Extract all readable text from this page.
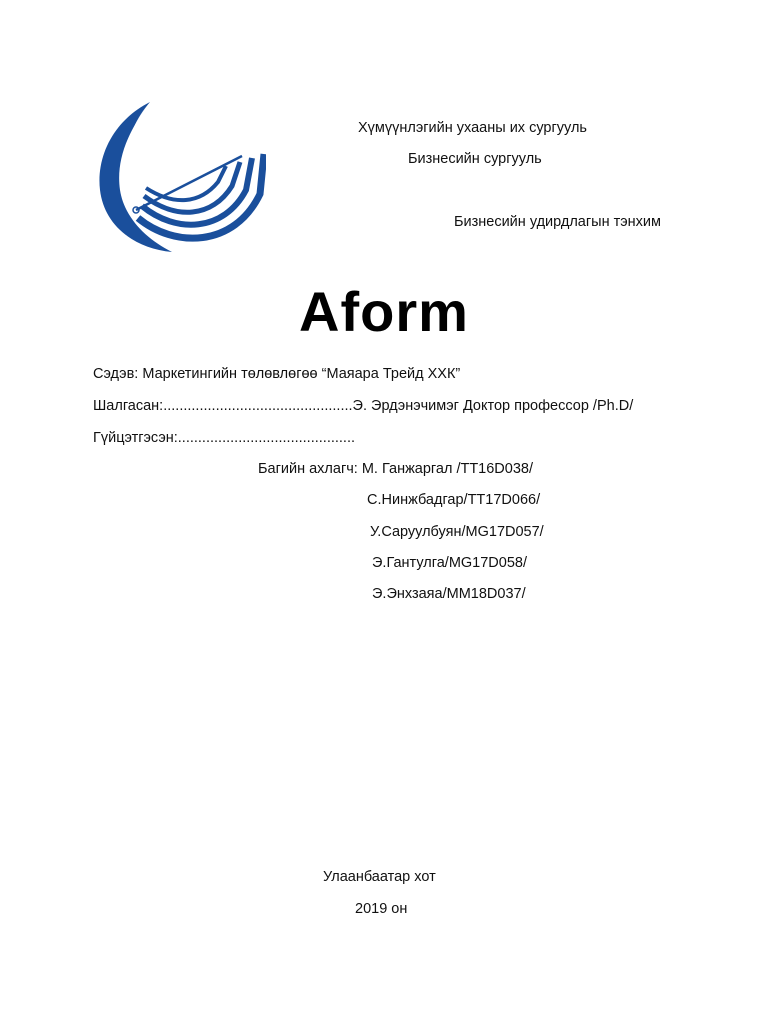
Хүмүүнлэгийн ухааны их сургууль
Бизнесийн сургууль
Бизнесийн удирдлагын тэнхим
Aform
Сэдэв: Маркетингийн төлөвлөгөө “Маяара Трейд ХХК”
Шалгасан:...............................................Э. Эрдэнэчимэг Доктор профессор /Ph.D/
Гүйцэтгэсэн:............................................
Багийн ахлагч: М. Ганжаргал /TT16D038/
С.Нинжбадгар/TT17D066/
У.Саруулбуян/MG17D057/
Э.Гантулга/MG17D058/
Э.Энхзаяа/MM18D037/
Улаанбаатар хот
2019 он
